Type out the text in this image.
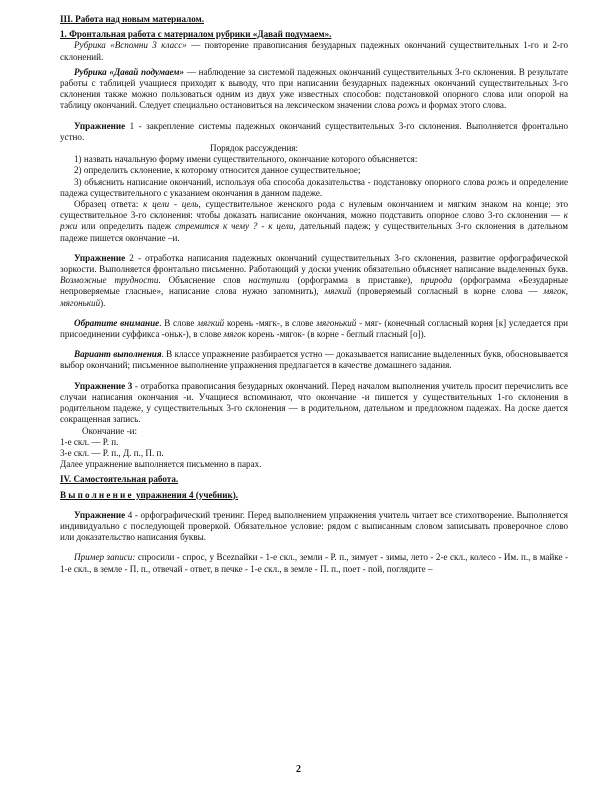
III. Работа над новым материалом.

1. Фронтальная работа с материалом рубрики «Давай подумаем».

Рубрика «Вспомни 3 класс» — повторение правописания безударных падежных окончаний существительных 1-го и 2-го склонений.

Рубрика «Давай подумаем» — наблюдение за системой падежных окончаний существительных 3-го склонения. В результате работы с таблицей учащиеся приходят к выводу, что при написании безударных падежных окончаний существительных 3-го склонения также можно пользоваться одним из двух уже известных способов: подстановкой опорного слова или опорой на таблицу окончаний. Следует специально остановиться на лексическом значении слова рожь и формах этого слова.

Упражнение 1 - закрепление системы падежных окончаний существительных 3-го склонения. Выполняется фронтально устно.

Порядок рассуждения:

1) назвать начальную форму имени существительного, окончание которого объясняется:

2) определить склонение, к которому относится данное существительное;

3) объяснить написание окончаний, используя оба способа доказательства - подстановку опорного слова рожь и определение падежа существительного с указанием окончания в данном падеже.

Образец ответа: к цели - цель, существительное женского рода с нулевым окончанием и мягким знаком на конце; это существительное 3-го склонения: чтобы доказать написание окончания, можно подставить опорное слово 3-го склонения — к ржи или определить падеж стремится к чему ? - к цели, дательный падеж; у существительных 3-го склонения в дательном падеже пишется окончание –и.

Упражнение 2 - отработка написания падежных окончаний существительных 3-го склонения, развитие орфографической зоркости. Выполняется фронтально письменно. Работающий у доски ученик обязательно объясняет написание выделенных букв. Возможные трудности. Объяснение слов наступили (орфограмма в приставке), природа (орфограмма «Безударные непроверяемые гласные», написание слова нужно запомнить), мягкий (проверяемый согласный в корне слова — мягок, мягонький).

Обратите внимание. В слове мягкий корень -мягк-, в слове мягонький - мяг- (конечный согласный корня [к] уследается при присоединении суффикса -оньк-), в слове мягок корень -мягок- (в корне - беглый гласный [о]).

Вариант выполнения. В классе упражнение разбирается устно — доказывается написание выделенных букв, обосновывается выбор окончаний; письменное выполнение упражнения предлагается в качестве домашнего задания.

Упражнение 3 - отработка правописания безударных окончаний. Перед началом выполнения учитель просит перечислить все случаи написания окончания -и. Учащиеся вспоминают, что окончание -и пишется у существительных 1-го склонения в родительном падеже, у существительных 3-го склонения — в родительном, дательном и предложном падежах. На доске дается сокращенная запись.

Окончание -и:

1-е скл. — Р. п.

3-е скл. — Р. п., Д. п., П. п.

Далее упражнение выполняется письменно в парах.

IV. Самостоятельная работа.

Выполнение упражнения 4 (учебник).

Упражнение 4 - орфографический тренинг. Перед выполнением упражнения учитель читает все стихотворение. Выполняется индивидуально с последующей проверкой. Обязательное условие: рядом с выписанным словом записывать проверочное слово или доказательство написания буквы.

Пример записи: спросили - спрос, у Всеznайки - 1-е скл., земли - Р. п., зимует - зимы, лето - 2-е скл., колесо - Им. п., в майке - 1-е скл., в земле - П. п., отвечай - ответ, в печке - 1-е скл., в земле - П. п., поет - пой, поглядите –

2
